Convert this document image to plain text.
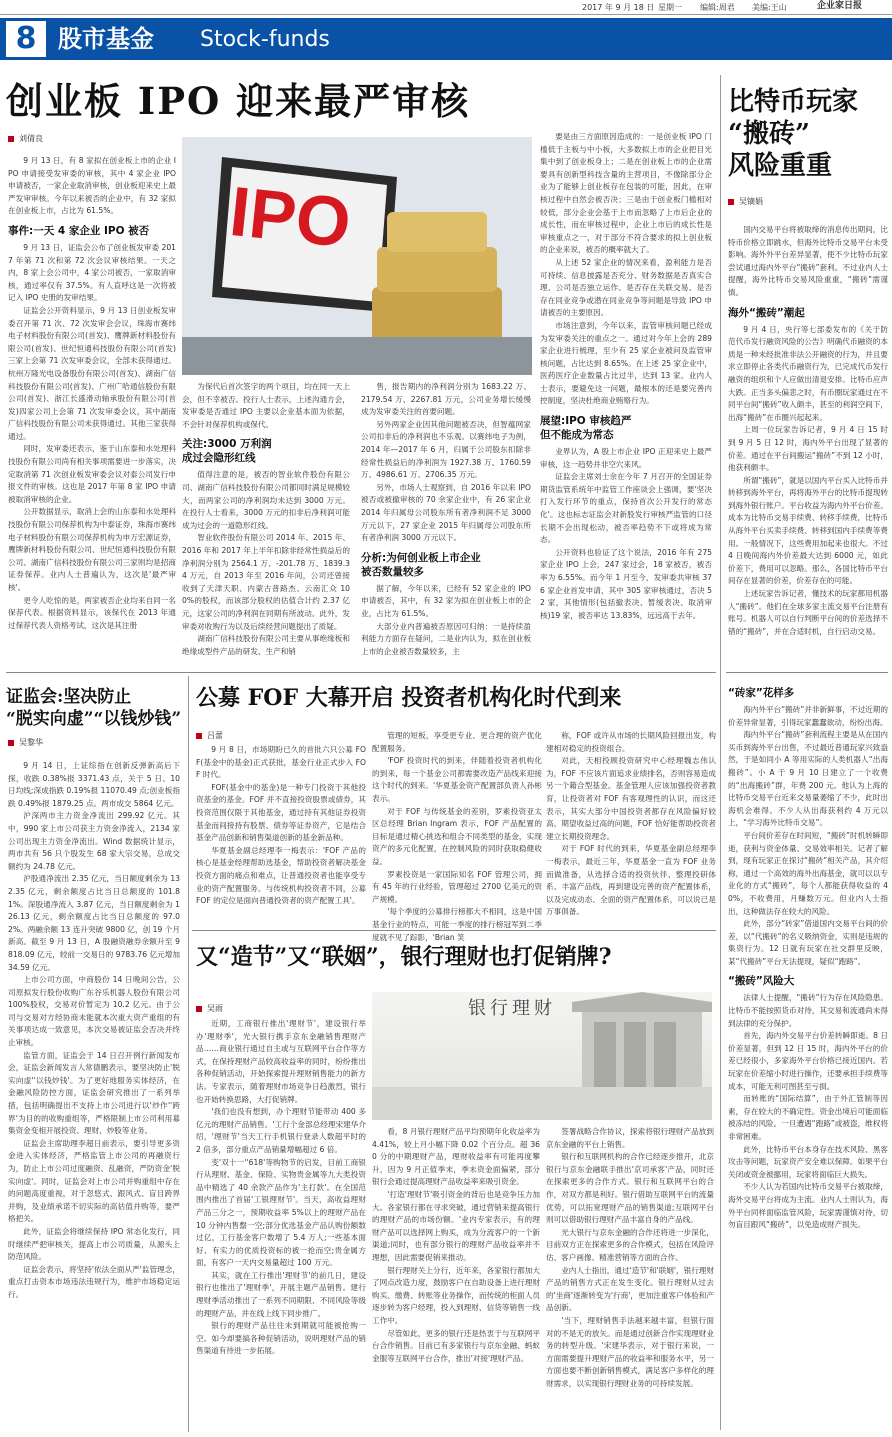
2017 年 9 月 18 日 星期一 编辑:周君 美编:王山	企业家日报
8 股市基金 Stock-funds
创业板 IPO 迎来最严审核
刘倩良
IPO

9 月 13 日，有 8 家拟在创业板上市的企业 IPO 申请接受发审委的审核，其中 4 家企业 IPO 申请被否，一家企业取消审核，创业板迎来史上最严发审审核。今年以来被否的企业中，有 32 家拟在创业板上市，占比为 61.5%。

事件:一天 4 家企业 IPO 被否

9 月 13 日，证监会公布了创业板发审委 2017 年第 71 次和第 72 次会议审核结果。一天之内，8 家上会公司中，4 家公司被否，一家取消审核，通过率仅有 37.5%。有人直呼这是一次将被记入 IPO 史册的发审结果。

证监会公开资料显示，9 月 13 日创业板发审委召开第 71 次、72 次发审会会议，珠海市赛纬电子材料股份有限公司(首发)、鹰牌新材料股份有限公司(首发)、世纪恒通科技股份有限公司(首发)三家上会第 71 次发审委会议，全部未获得通过。杭州万隆光电设备股份有限公司(首发)、湖南广信科技股份有限公司(首发)、广州广哈通信股份有限公司(首发)、浙江长盛滑动轴承股份有限公司(首发)四家公司上会第 71 次发审委会议，其中湖南广信科技股份有限公司未获得通过。其他三家获得通过。

同时，发审委还表示，鉴于山东泰和水处理科技股份有限公司尚有相关事项需要进一步落实，决定取消第 71 次创业板发审委会议对泰公司发行申报文件的审核。这也是 2017 年第 8 家 IPO 申请被取消审核的企业。

公开数据显示，取消上会的山东泰和水处理科技股份有限公司保荐机构为中泰证券，珠海市赛纬电子材料股份有限公司保荐机构为申万宏源证券，鹰牌新材料股份有限公司、世纪恒通科技股份有限公司、湖南广信科技股份有限公司三家则均是招商证券保荐。业内人士普遍认为，这次是'最严审核'。

更令人吃惊的是，两家被否企业均来自同一名保荐代表。根据资料显示，该保代在 2013 年通过保荐代表人资格考试，这次是其注册

为保代后首次签字的两个项目，均在同一天上会，但不幸被否。投行人士表示，上述沟通方会，发审委是否通过 IPO 主要以企业基本面为依据，不会针对保荐机构或保代。

关注:3000 万利润
成过会隐形红线

值得注意的是，被否的智业软件股份有限公司、湖南广信科技股份有限公司都同时满足规模较大，而两家公司的净利润均未达到 3000 万元。在投行人士看来，3000 万元的扣非后净利润可能成为过会的一道隐形红线。

智业软件股份有限公司 2014 年、2015 年、2016 年和 2017 年上半年扣除非经常性损益后的净利润分别为 2564.1 万、-201.78 万、1839.34 万元，自 2013 年至 2016 年间，公司还曾接收到了天津天职、内蒙古普路杰、云南汇众 100%的股权，而该部分股权的估值合计约 2.37 亿元，这家公司的净利润在同期有所波动。此外，发审委对收购行为以及后续经营问题提出了质疑。

湖南广信科技股份有限公司主要从事绝缘板和绝缘成型件产品的研发、生产和销

售，报告期内的净利润分别为 1683.22 万、2179.54 万、2267.81 万元，公司业务增长缓慢成为发审委关注的首要问题。

另外两家企业因其他问题被否决，但智蕴网家公司扣非后的净利润也不乐观。以赛纬电子为例，2014 年—2017 年 6 月，归属于公司股东扣除非经常性损益后的净利润为 1927.38 万、1760.59 万、4986.61 万、2706.35 万元。

另外，市场人士观察到，自 2016 年以来 IPO 被否或被撤审核的 70 余家企业中，有 26 家企业 2014 年归属母公司股东所有者净利润不足 3000 万元以下，27 家企业 2015 年归属母公司股东所有者净利润 3000 万元以下。

分析:为何创业板上市企业
被否数量较多

据了解，今年以来，已经有 52 家企业的 IPO 申请被否，其中，有 32 家为拟在创业板上市的企业，占比为 61.5%。

大部分业内普遍被否原因可归纳：一是持续盈利能力方面存在疑问，二是业内认为，拟在创业板上市的企业被否数量较多，主

要是由三方面原因造成的：一是创业板 IPO 门槛低于主板与中小板，大多数拟上市的企业把目光集中到了创业板身上；二是在创业板上市的企业需要具有创新型科技含量的主营项目，不像除部分企业为了能够上创业板存在包装的可能，因此，在审核过程中自然会被否决；三是由于创业板门槛相对较低，部分企业会基于上市而忽略了上市后企业的成长性，而在审核过程中，企业上市后的成长性是审核重点之一，对于部分不符合要求的拟上创业板的企业来说，被否的概率就大了。

从上述 52 家企业的情况来看，盈利能力是否可持续、信息披露是否充分、财务数据是否真实合理、公司是否独立运作、是否存在关联交易、是否存在同业竞争或潜在同业竞争等问题是导致 IPO 申请被否的主要原因。

市场注意到，今年以来，监管审核问题已经成为发审委关注的重点之一。通过对今年上会的 289 家企业进行梳理，至少有 25 家企业被问及监管审核问题，占比达到 8.65%。在上述 25 家企业中，医药医疗企业数量占比过半，达到 13 家。业内人士表示，要避免这一问题，最根本的还是要完善内控制度，坚决杜绝商业贿赂行为。

展望:IPO 审核趋严
但不能成为常态

业界认为，A 股上市企业 IPO 正迎来史上最严审核，这一趋势并非空穴来风。

证监会主席刘士余在今年 7 月召开的全国证券期货监管系统年中监管工作座谈会上强调，要'坚决打入发行环节的重点，保持首次公开发行的常态化'。这也标志证监会对新股发行审核严监管的口径长期不会出现松动，被否率趋势不下或将成为常态。

公开资料也验证了这个说法，2016 年有 275 家企业 IPO 上会，247 家过会，18 家被否，被否率为 6.55%。而今年 1 月至今，发审委共审核 376 家企业首发申请，其中 305 家审核通过，否决 52 家，其他情形(包括撤表决、暂缓表决、取消审核)19 家，被否率达 13.83%，远远高于去年。

比特币玩家
“搬砖”
风险重重
吴镝娟

国内交易平台将被取缔的消息传出期间，比特币价格立即跳水，但海外比特币交易平台未受影响。海外外平台差异显著，使不少比特币玩家尝试通过海内外平台“搬砖”套利。不过业内人士提醒，海外比特币交易风险重重，“搬砖”需谨慎。

海外“搬砖”潮起

9 月 4 日，央行等七部委发布的《关于防范代币发行融资风险的公告》明确代币融资的本质是一种未经批准非法公开融资的行为，并且要求立即停止各类代币融资行为，已完成代币发行融资的组织和个人应做出清退安排。比特币应声大跌。正当多头偏悲之时，有币圈玩家通过在不同平台间“搬砖”收入颇丰，甚至的利润空间下，出海“搬砖”在币圈兴起起来。

上周一位玩家告诉记者，9 月 4 日 15 时到 9 月 5 日 12 时，海内外平台出现了显著的价差。通过在平台间搬运“搬砖”不到 12 小时，他获利颇丰。

所谓“搬砖”，就是以国内平台买入比特币并转移到海外平台，再将海外平台的比特币提现转到海外银行账户。平台收益为海内外平台价差。成本为比特币交易手续费、转移手续费，比特币从海外平台买卖手续费、转移到国内手续费等费用。一般情况下，这些费用加起来也很大。不过 4 日晚间海内外价差最大达到 6000 元，如此价差下，费用可以忽略。那么，各国比特币平台间存在显著的价差，价差存在的可能。

上述玩家告诉记者，懂技术的玩家都用机器人“搬砖”。他们在全球多家主流交易平台注册有账号。机器人可以自行判断平台间的价差选择不错的“搬砖”，并在合适时机，自行启动交易。

证监会:坚决防止
“脱实向虚”“以钱炒钱”
吴黎华

9 月 14 日，上证综指在创新反弹新高后下探，收跌 0.38%报 3371.43 点，关于 5 日、10 日均线;深成指跌 0.19%报 11070.49 点;创业板指跌 0.49%报 1879.25 点。两市成交 5864 亿元。

沪深两市主力资金净流出 299.92 亿元。其中，990 家上市公司获主力资金净流入，2134 家公司出现主力资金净流出。Wind 数据统计显示，两市共有 56 只个股发生 68 家大宗交易，总成交额约为 24.78 亿元。

沪股通净流出 2.35 亿元，当日额度剩余为 132.35 亿元，剩余额度占比当日总额度的 101.81%。深股通净流入 3.87 亿元，当日额度剩余为 126.13 亿元，剩余额度占比当日总额度的 97.02%。两融余额 13 连升突破 9800 亿，创 19 个月新高。截至 9 月 13 日，A 股融资融券余额升至 9818.09 亿元，较前一交易日的 9783.76 亿元增加 34.59 亿元。

上市公司方面，中商股份 14 日晚间公告，公司原拟发行股份收购广东谷乐机器人股份有限公司 100%股权，交易对价暂定为 10.2 亿元。由于公司与交易对方经协商未能就本次重大资产重组的有关事项达成一致意见，本次交易被证监会否决并终止审核。

监管方面，证监会于 14 日召开例行新闻发布会，证监会新闻发言人常德鹏表示，要坚决防止'脱实向虚''以钱炒钱'。为了更好地服务实体经济，在金融风险防控方面，证监会研究推出了一系列举措，包括明确提出不支持上市公司进行以'炒作''跨界'为目的的收购重组等，严格限制上市公司利用募集资金变相开展投资、理财、炒股等业务。

证监会主席助理李超日前表示，要引导更多资金进入实体经济，严格监管上市公司的再融资行为，防止上市公司过度融资、乱融资，严防资金'脱实向虚'。同时，证监会对上市公司并购重组中存在的问题高度重视，对于忽悠式、跟风式、盲目跨界并购，及业绩承诺不切实际的高估值并购等，要严格把关。

此外，证监会将继续保持 IPO 常态化发行，同时继续严把审核关，提高上市公司质量，从源头上防范风险。

证监会表示，将坚持'依法全面从严'监管理念，重点打击资本市场违法违规行为，维护市场稳定运行。

公募 FOF 大幕开启 投资者机构化时代到来
吕蕾

9 月 8 日，市场期盼已久的首批六只公募 FOF(基金中的基金)正式获批，基金行业正式步入 FOF 时代。

FOF(基金中的基金)是一种专门投资于其他投资基金的基金。FOF 并不直接投资股票或债券，其投资范围仅限于其他基金，通过持有其他证券投资基金而间接持有股票、债券等证券资产，它是结合基金产品创新和销售渠道创新的基金新品种。

华夏基金副总经理李一梅表示：'FOF 产品的核心是基金经理帮助选基金，帮助投资者解决基金投资方面的痛点和难点，让普通投资者也能享受专业的资产配置服务。与传统机构投资者不同，公募 FOF 的定位是面向普通投资者的资产配置工具'。

管理的短板，享受更专业、更合理的资产优化配置服务。

'FOF 投资时代的到来，伴随着投资者机构化的到来，每一个基金公司都需要改造产品线来迎接这个时代的到来。'华夏基金资产配置部负责人孙彬表示。

对于 FOF 与传统基金的差别，罗素投资亚太区总经理 Brian Ingram 表示，FOF 产品配置的目标是通过精心挑选和组合不同类型的基金，实现资产的多元化配置，在控制风险的同时获取稳健收益。

罗素投资是一家国际知名 FOF 管理公司，拥有 45 年的行业经验，管理超过 2700 亿美元的资产规模。

'每个季度的公募排行榜都大不相同，这是中国基金行业的特点，可能一季度的排行榜冠军到二季度就不见了踪影，'Brian 笑

称，FOF 或许从市场的长期风险回报出发，构建相对稳定的投资组合。

对此，天相投顾投资研究中心经理魏志伟认为，FOF 不应该片面追求业绩排名，否则容易造成另一个籍合型基金。基金管理人应该加强投资者教育，让投资者对 FOF 有客观理性的认识，而这还表示，其实大部分中国投资者都存在风险偏好较高、期望收益过高的问题，FOF 恰好能帮助投资者建立长期投资理念。

对于 FOF 时代的到来，华夏基金副总经理李一梅表示，最近三年，华夏基金一直为 FOF 业务而做准备，从选择合适的投资伙伴、整理投研体系、丰富产品线，再到建设完善的资产配置体系，以及完成动态、全面的资产配置体系，可以说已是万事俱备。

又“造节”又“联姻”，银行理财也打促销牌?
吴雨	银行理财

近期，工商银行推出'理财节'，建设银行举办'理财季'，光大银行携手京东金融销售理财产品……商业银行通过自主或与互联网平台合作等方式，在保持理财产品较高收益率的同时，纷纷推出各种促销活动，开始探索提升理财销售能力的新方法。专家表示，随着理财市场竞争日趋激烈，银行也开始转换思路，大打促销牌。

'我们也没有想到，办个理财节能带动 400 多亿元的理财产品销售。'工行个金部总经理宋建华介绍，'理财节'当天工行手机银行登录人数超平时的 2 倍多，部分重点产品销量增幅超过 6 倍。

变'双十一''618'等购物节的启发，目前工商银行从理财、基金、保险、实物贵金属等九大类投资品中精选了 40 余款产品作为'主打款'。在全国范围内推出了首届'工银理财节'。当天，高收益理财产品三分之一，预期收益率 5%以上的理财产品在 10 分钟内售罄一空;部分优选基金产品认购份额数过亿，工行基金客户数增了 5.4 万人;一些基本面好、有实力的优质投资标的被一抢而空;贵金属方面，有客户一天内交易量超过 100 万元。

其实，就在工行推出'理财节'的前几日，建设银行也推出了'理财季'，开展主题产品销售。建行理财季活动推出了一系列不同期限、不同风险等级的理财产品，并在线上线下同步推广。

银行的理财产品往往未到期就可能被抢购一空。如今却要搞各种促销活动，说明理财产品的销售渠道有待进一步拓展。

看，8 月银行理财产品平均预期年化收益率为 4.41%，较上月小幅下降 0.02 个百分点。超 360 分的中期理财产品，理财收益率有可能再度攀升，因为 9 月正值季末，季末资金面偏紧，部分银行会通过提高理财产品收益率来吸引资金。

'打造'理财节'吸引资金的背后也是竞争压力加大。各家银行都在寻求突破，通过营销来提高银行的理财产品的市场份额。'业内专家表示，有的理财产品可以选择网上购买，成为分流客户的一个新渠道;同时，也有部分银行的理财产品收益率并不理想，因此需要促销来推动。

银行理财关上分行，近年来，各家银行都加大了网点改造力度，鼓励客户在自助设备上进行理财购买、缴费、转账等业务操作，而传统的柜面人员逐步转为客户经理，投入到理财、信贷等销售一线工作中。

尽管如此，更多的银行还是热衷于与互联网平台合作销售。目前已有多家银行与京东金融、蚂蚁金服等互联网平台合作，推出'对接'理财产品。

签署战略合作协议，探索将银行理财产品放到京东金融的平台上销售。

银行和互联网机构的合作已经逐步推开，北京银行与京东金融联手推出'京司承客'产品，同时还在探索更多的合作方式。银行和互联网平台的合作，对双方都是利好。银行借助互联网平台的流量优势，可以拓宽理财产品的销售渠道;互联网平台则可以借助银行理财产品丰富自身的产品线。

光大银行与京东金融的合作还将进一步深化，目前双方正在探索更多的合作模式，包括在风险评估、客户画像、精准营销等方面的合作。

业内人士指出，通过'造节'和'联姻'，银行理财产品的销售方式正在发生变化。银行理财从过去的'坐商'逐渐转变为'行商'，更加注重客户体验和产品创新。

'当下，理财销售手法越来越丰富，但银行面对的不是无的放矢。而是通过创新合作实现理财业务的转型升级。'宋建华表示，对于银行来说，一方面需要提升理财产品的收益率和服务水平，另一方面也要不断创新销售模式，满足客户多样化的理财需求，以实现银行理财业务的可持续发展。

“砖家”花样多

海内外平台“搬砖”并非新鲜事，不过近期的价差异常显著，引得玩家蠢蠢欲动，纷纷出海。

海内外平台“搬砖”套利流程主要是从在国内买币到海外平台出售，不过最近普通玩家兴致盎然，于是如同小 A 等用实际的人类机器人“出海搬砖”。小 A 于 9 月 10 日建立了一个收费的“出海搬砖”群，年费 200 元。他认为上海的比特币交易平台近来交易量萎缩了不少，此时出海机会难得。不少人从出海获利约 4 万元以上，“学习海外比特币交易”。

平台间价差存在时间短，“搬砖”时机转瞬即逝，获利与资金体量、交易效率相关。记者了解到，现有玩家正在探讨“搬砖”相关产品，其介绍称，通过一个高效的海外出海基金，就可以以专业化的方式“搬砖”，每个人都能获得收益的 40%，不收费用，月赚数万元。但业内人士指出，这种做法存在较大的风险。

此外，部分“砖家”借道国内交易平台间的价差，以“代搬砖”的名义吸纳资金，实则是违规的集资行为。12 日就有玩家在社交群里反映，某“代搬砖”平台无法提现，疑似“跑路”。

“搬砖”风险大

法律人士提醒，“搬砖”行为存在风险隐患。比特币不能按照货币对待，其交易和流通尚未得到法律的充分保护。

首先，海内外交易平台价差转瞬即逝。8 日价差显著，但到 12 日 15 时，海内外平台的价差已经很小，多家海外平台价格已接近国内。若玩家在价差缩小时进行操作，还要承担手续费等成本，可能无利可图甚至亏损。

而转账的“国际结算”，由于外汇管制等因素，存在较大的不确定性。资金出境后可能面临被冻结的风险。一旦遭遇“跑路”或被盗，维权将非常困难。

此外，比特币平台本身存在技术风险、黑客攻击等问题，玩家资产安全难以保障。如果平台关闭或资金被挪用，玩家将面临巨大损失。

不少人认为若国内比特币交易平台被取缔，海外交易平台将成为主流。业内人士则认为，海外平台同样面临监管风险，玩家需谨慎对待，切勿盲目跟风“搬砖”，以免造成财产损失。
